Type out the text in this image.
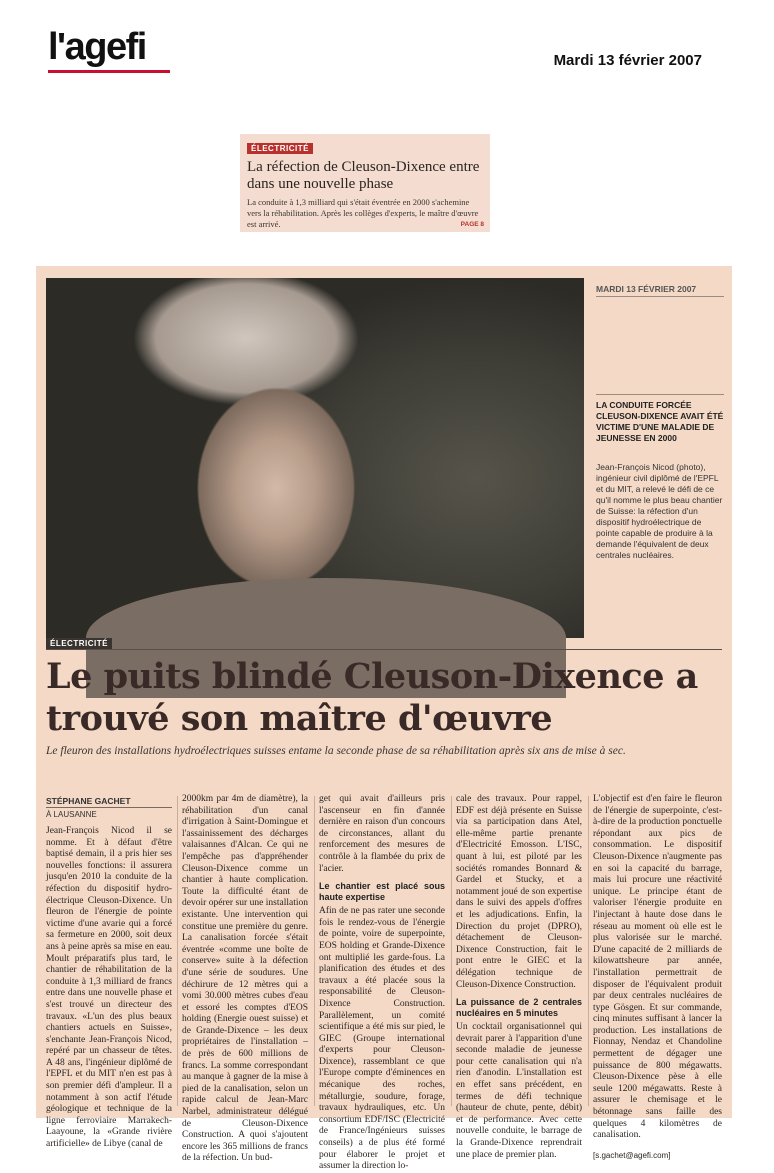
l'agefi	Mardi 13 février 2007
ÉLECTRICITÉ
La réfection de Cleuson-Dixence entre dans une nouvelle phase
La conduite à 1,3 milliard qui s'était éventrée en 2000 s'achemine vers la réhabilitation. Après les collèges d'experts, le maître d'œuvre est arrivé.	PAGE 8
MARDI 13 FÉVRIER 2007
LA CONDUITE FORCÉE CLEUSON-DIXENCE AVAIT ÉTÉ VICTIME D'UNE MALADIE DE JEUNESSE EN 2000
Jean-François Nicod (photo), ingénieur civil diplômé de l'EPFL et du MIT, a relevé le défi de ce qu'il nomme le plus beau chantier de Suisse: la réfection d'un dispositif hydroélectrique de pointe capable de produire à la demande l'équivalent de deux centrales nucléaires.
ÉLECTRICITÉ
Le puits blindé Cleuson-Dixence a trouvé son maître d'œuvre
Le fleuron des installations hydroélectriques suisses entame la seconde phase de sa réhabilitation après six ans de mise à sec.
STÉPHANE GACHET
À LAUSANNE

Jean-François Nicod il se nomme. Et à défaut d'être baptisé demain, il a pris hier ses nouvelles fonctions: il assurera jusqu'en 2010 la conduite de la réfection du dispositif hydro-électrique Cleuson-Dixence. Un fleuron de l'énergie de pointe victime d'une avarie qui a forcé sa fermeture en 2000, soit deux ans à peine après sa mise en eau. Moult préparatifs plus tard, le chantier de réhabilitation de la conduite à 1,3 milliard de francs entre dans une nouvelle phase et s'est trouvé un directeur des travaux. «L'un des plus beaux chantiers actuels en Suisse», s'enchante Jean-François Nicod, repéré par un chasseur de têtes. A 48 ans, l'ingénieur diplômé de l'EPFL et du MIT n'en est pas à son premier défi d'ampleur. Il a notamment à son actif l'étude géologique et technique de la ligne ferroviaire Marrakech-Laayoune, la «Grande rivière artificielle» de Libye (canal de

2000km par 4m de diamètre), la réhabilitation d'un canal d'irrigation à Saint-Domingue et l'assainissement des décharges valaisannes d'Alcan. Ce qui ne l'empêche pas d'appréhender Cleuson-Dixence comme un chantier à haute complication. Toute la difficulté étant de devoir opérer sur une installation existante. Une intervention qui constitue une première du genre. La canalisation forcée s'était éventrée «comme une boîte de conserve» suite à la défection d'une série de soudures. Une déchirure de 12 mètres qui a vomi 30.000 mètres cubes d'eau et essoré les comptes d'EOS holding (Energie ouest suisse) et de Grande-Dixence – les deux propriétaires de l'installation – de près de 600 millions de francs. La somme correspondant au manque à gagner de la mise à pied de la canalisation, selon un rapide calcul de Jean-Marc Narbel, administrateur délégué de Cleuson-Dixence Construction. A quoi s'ajoutent encore les 365 millions de francs de la réfection. Un bud-

get qui avait d'ailleurs pris l'ascenseur en fin d'année dernière en raison d'un concours de circonstances, allant du renforcement des mesures de contrôle à la flambée du prix de l'acier.

Le chantier est placé sous haute expertise

Afin de ne pas rater une seconde fois le rendez-vous de l'énergie de pointe, voire de superpointe, EOS holding et Grande-Dixence ont multiplié les garde-fous. La planification des études et des travaux a été placée sous la responsabilité de Cleuson-Dixence Construction. Parallèlement, un comité scientifique a été mis sur pied, le GIEC (Groupe international d'experts pour Cleuson-Dixence), rassemblant ce que l'Europe compte d'éminences en mécanique des roches, métallurgie, soudure, forage, travaux hydrauliques, etc. Un consortium EDF/ISC (Electricité de France/Ingénieurs suisses conseils) a de plus été formé pour élaborer le projet et assumer la direction lo-

cale des travaux. Pour rappel, EDF est déjà présente en Suisse via sa participation dans Atel, elle-même partie prenante d'Electricité Emosson. L'ISC, quant à lui, est piloté par les sociétés romandes Bonnard & Gardel et Stucky, et a notamment joué de son expertise dans le suivi des appels d'offres et les adjudications. Enfin, la Direction du projet (DPRO), détachement de Cleuson-Dixence Construction, fait le pont entre le GIEC et la délégation technique de Cleuson-Dixence Construction.

La puissance de 2 centrales nucléaires en 5 minutes

Un cocktail organisationnel qui devrait parer à l'apparition d'une seconde maladie de jeunesse pour cette canalisation qui n'a rien d'anodin. L'installation est en effet sans précédent, en termes de défi technique (hauteur de chute, pente, débit) et de performance. Avec cette nouvelle conduite, le barrage de la Grande-Dixence reprendrait une place de premier plan.

L'objectif est d'en faire le fleuron de l'énergie de superpointe, c'est-à-dire de la production ponctuelle répondant aux pics de consommation. Le dispositif Cleuson-Dixence n'augmente pas en soi la capacité du barrage, mais lui procure une réactivité unique. Le principe étant de valoriser l'énergie produite en l'injectant à haute dose dans le réseau au moment où elle est le plus valorisée sur le marché. D'une capacité de 2 milliards de kilowattsheure par année, l'installation permettrait de disposer de l'équivalent produit par deux centrales nucléaires de type Gösgen. Et sur commande, cinq minutes suffisant à lancer la production. Les installations de Fionnay, Nendaz et Chandoline permettent de dégager une puissance de 800 mégawatts. Cleuson-Dixence pèse à elle seule 1200 mégawatts. Reste à assurer le chemisage et le bétonnage sans faille des quelques 4 kilomètres de canalisation.

[s.gachet@agefi.com]
